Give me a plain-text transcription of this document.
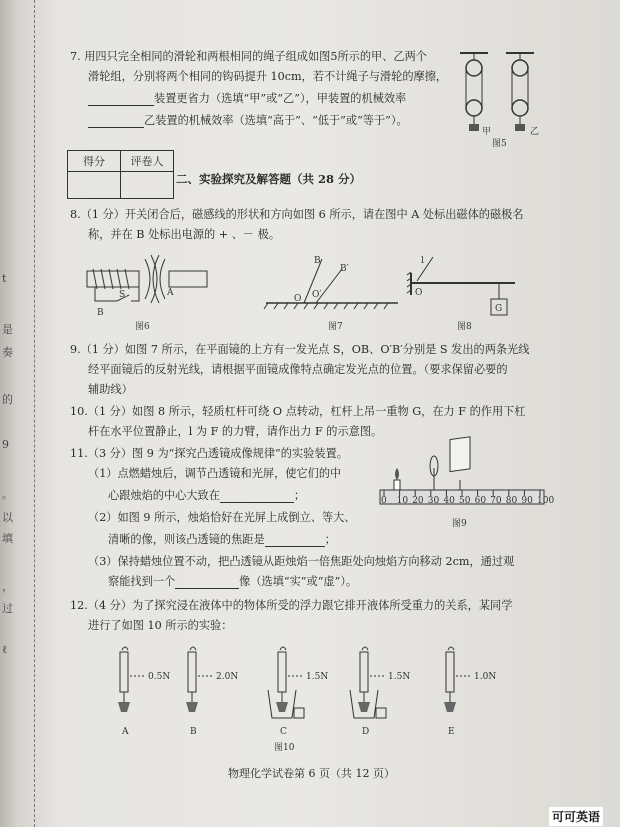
t
是
奏
的
9
。
以
填
，
过
ℓ
7. 用四只完全相同的滑轮和两根相同的绳子组成如图5所示的甲、乙两个
滑轮组，分别将两个相同的钩码提升 10cm，若不计绳子与滑轮的摩擦，
装置更省力（选填“甲”或“乙”），甲装置的机械效率
乙装置的机械效率（选填“高于”、“低于”或“等于”）。
甲	乙
图5
得分	评卷人

二、实验探究及解答题（共 28 分）
8.（1 分）开关闭合后，磁感线的形状和方向如图 6 所示，请在图中 A 处标出磁体的磁极名
称，并在 B 处标出电源的 + 、－ 极。
A
S
B
图6
B
B′
O O′
图7
l
O
G
图8
9.（1 分）如图 7 所示，在平面镜的上方有一发光点 S，OB、O′B′分别是 S 发出的两条光线
经平面镜后的反射光线，请根据平面镜成像特点确定发光点的位置。（要求保留必要的
辅助线）
10.（1 分）如图 8 所示，轻质杠杆可绕 O 点转动，杠杆上吊一重物 G，在力 F 的作用下杠
杆在水平位置静止，l 为 F 的力臂，请作出力 F 的示意图。
11.（3 分）图 9 为“探究凸透镜成像规律”的实验装置。
（1）点燃蜡烛后，调节凸透镜和光屏，使它们的中
心跟烛焰的中心大致在	；
（2）如图 9 所示，烛焰恰好在光屏上成倒立、等大、
清晰的像，则该凸透镜的焦距是	；
（3）保持蜡烛位置不动，把凸透镜从距烛焰一倍焦距处向烛焰方向移动 2cm，通过观
察能找到一个	像（选填“实”或“虚”）。
0 10 20 30 40 50 60 70 80 90 100
图9
12.（4 分）为了探究浸在液体中的物体所受的浮力跟它排开液体所受重力的关系，某同学
进行了如图 10 所示的实验：
0.5N
A
2.0N
B
1.5N
C
1.5N
D
1.0N
E
图10
物理化学试卷第 6 页（共 12 页）
可可英语
